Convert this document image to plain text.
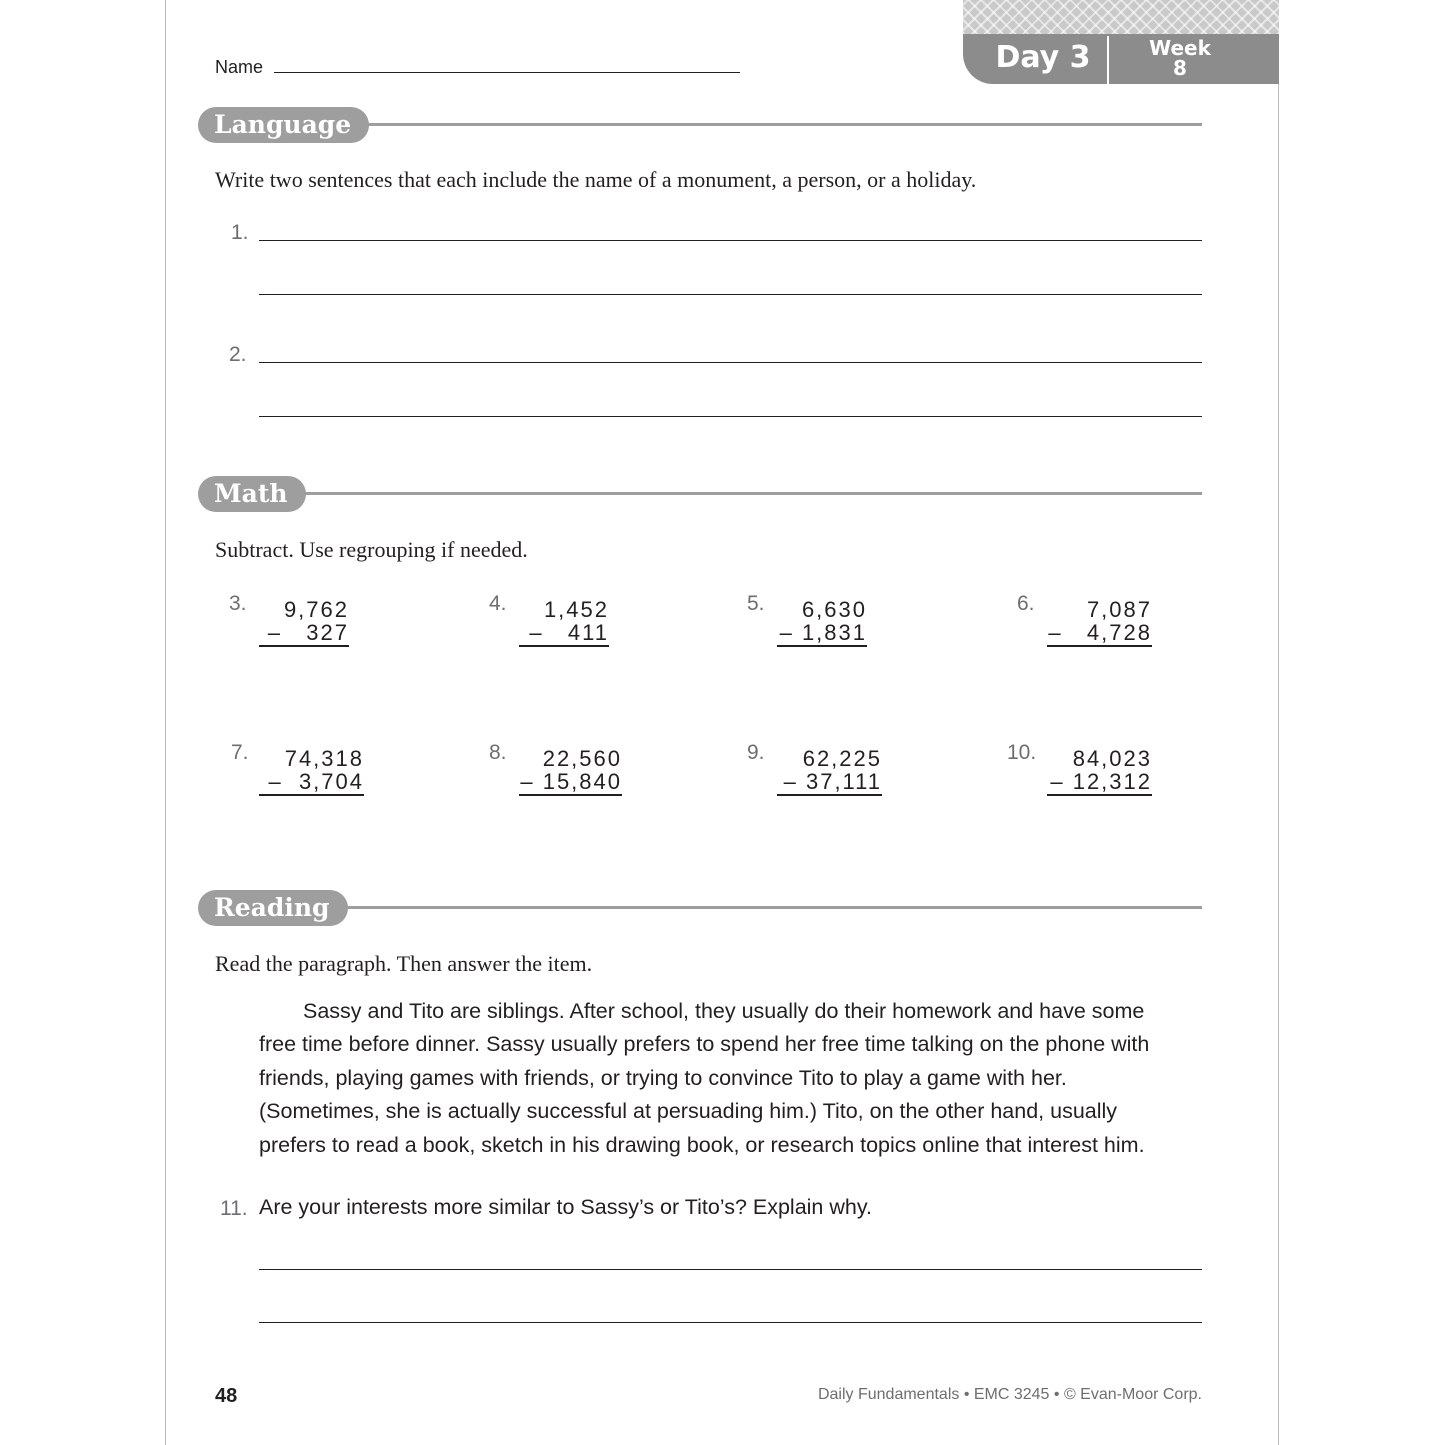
Day 3	Week
8
Name
Language
Write two sentences that each include the name of a monument, a person, or a holiday.
1.
2.
Math
Subtract. Use regrouping if needed.
3.	9,762
–   327
4.	1,452
–   411
5.	6,630
– 1,831
6.	7,087
–   4,728
7.	74,318
–  3,704
8.	22,560
– 15,840
9.	62,225
– 37,111
10.	84,023
– 12,312
Reading
Read the paragraph. Then answer the item.
Sassy and Tito are siblings. After school, they usually do their homework and have some free time before dinner. Sassy usually prefers to spend her free time talking on the phone with friends, playing games with friends, or trying to convince Tito to play a game with her. (Sometimes, she is actually successful at persuading him.) Tito, on the other hand, usually prefers to read a book, sketch in his drawing book, or research topics online that interest him.
11. Are your interests more similar to Sassy’s or Tito’s? Explain why.
48	Daily Fundamentals • EMC 3245 • © Evan-Moor Corp.
